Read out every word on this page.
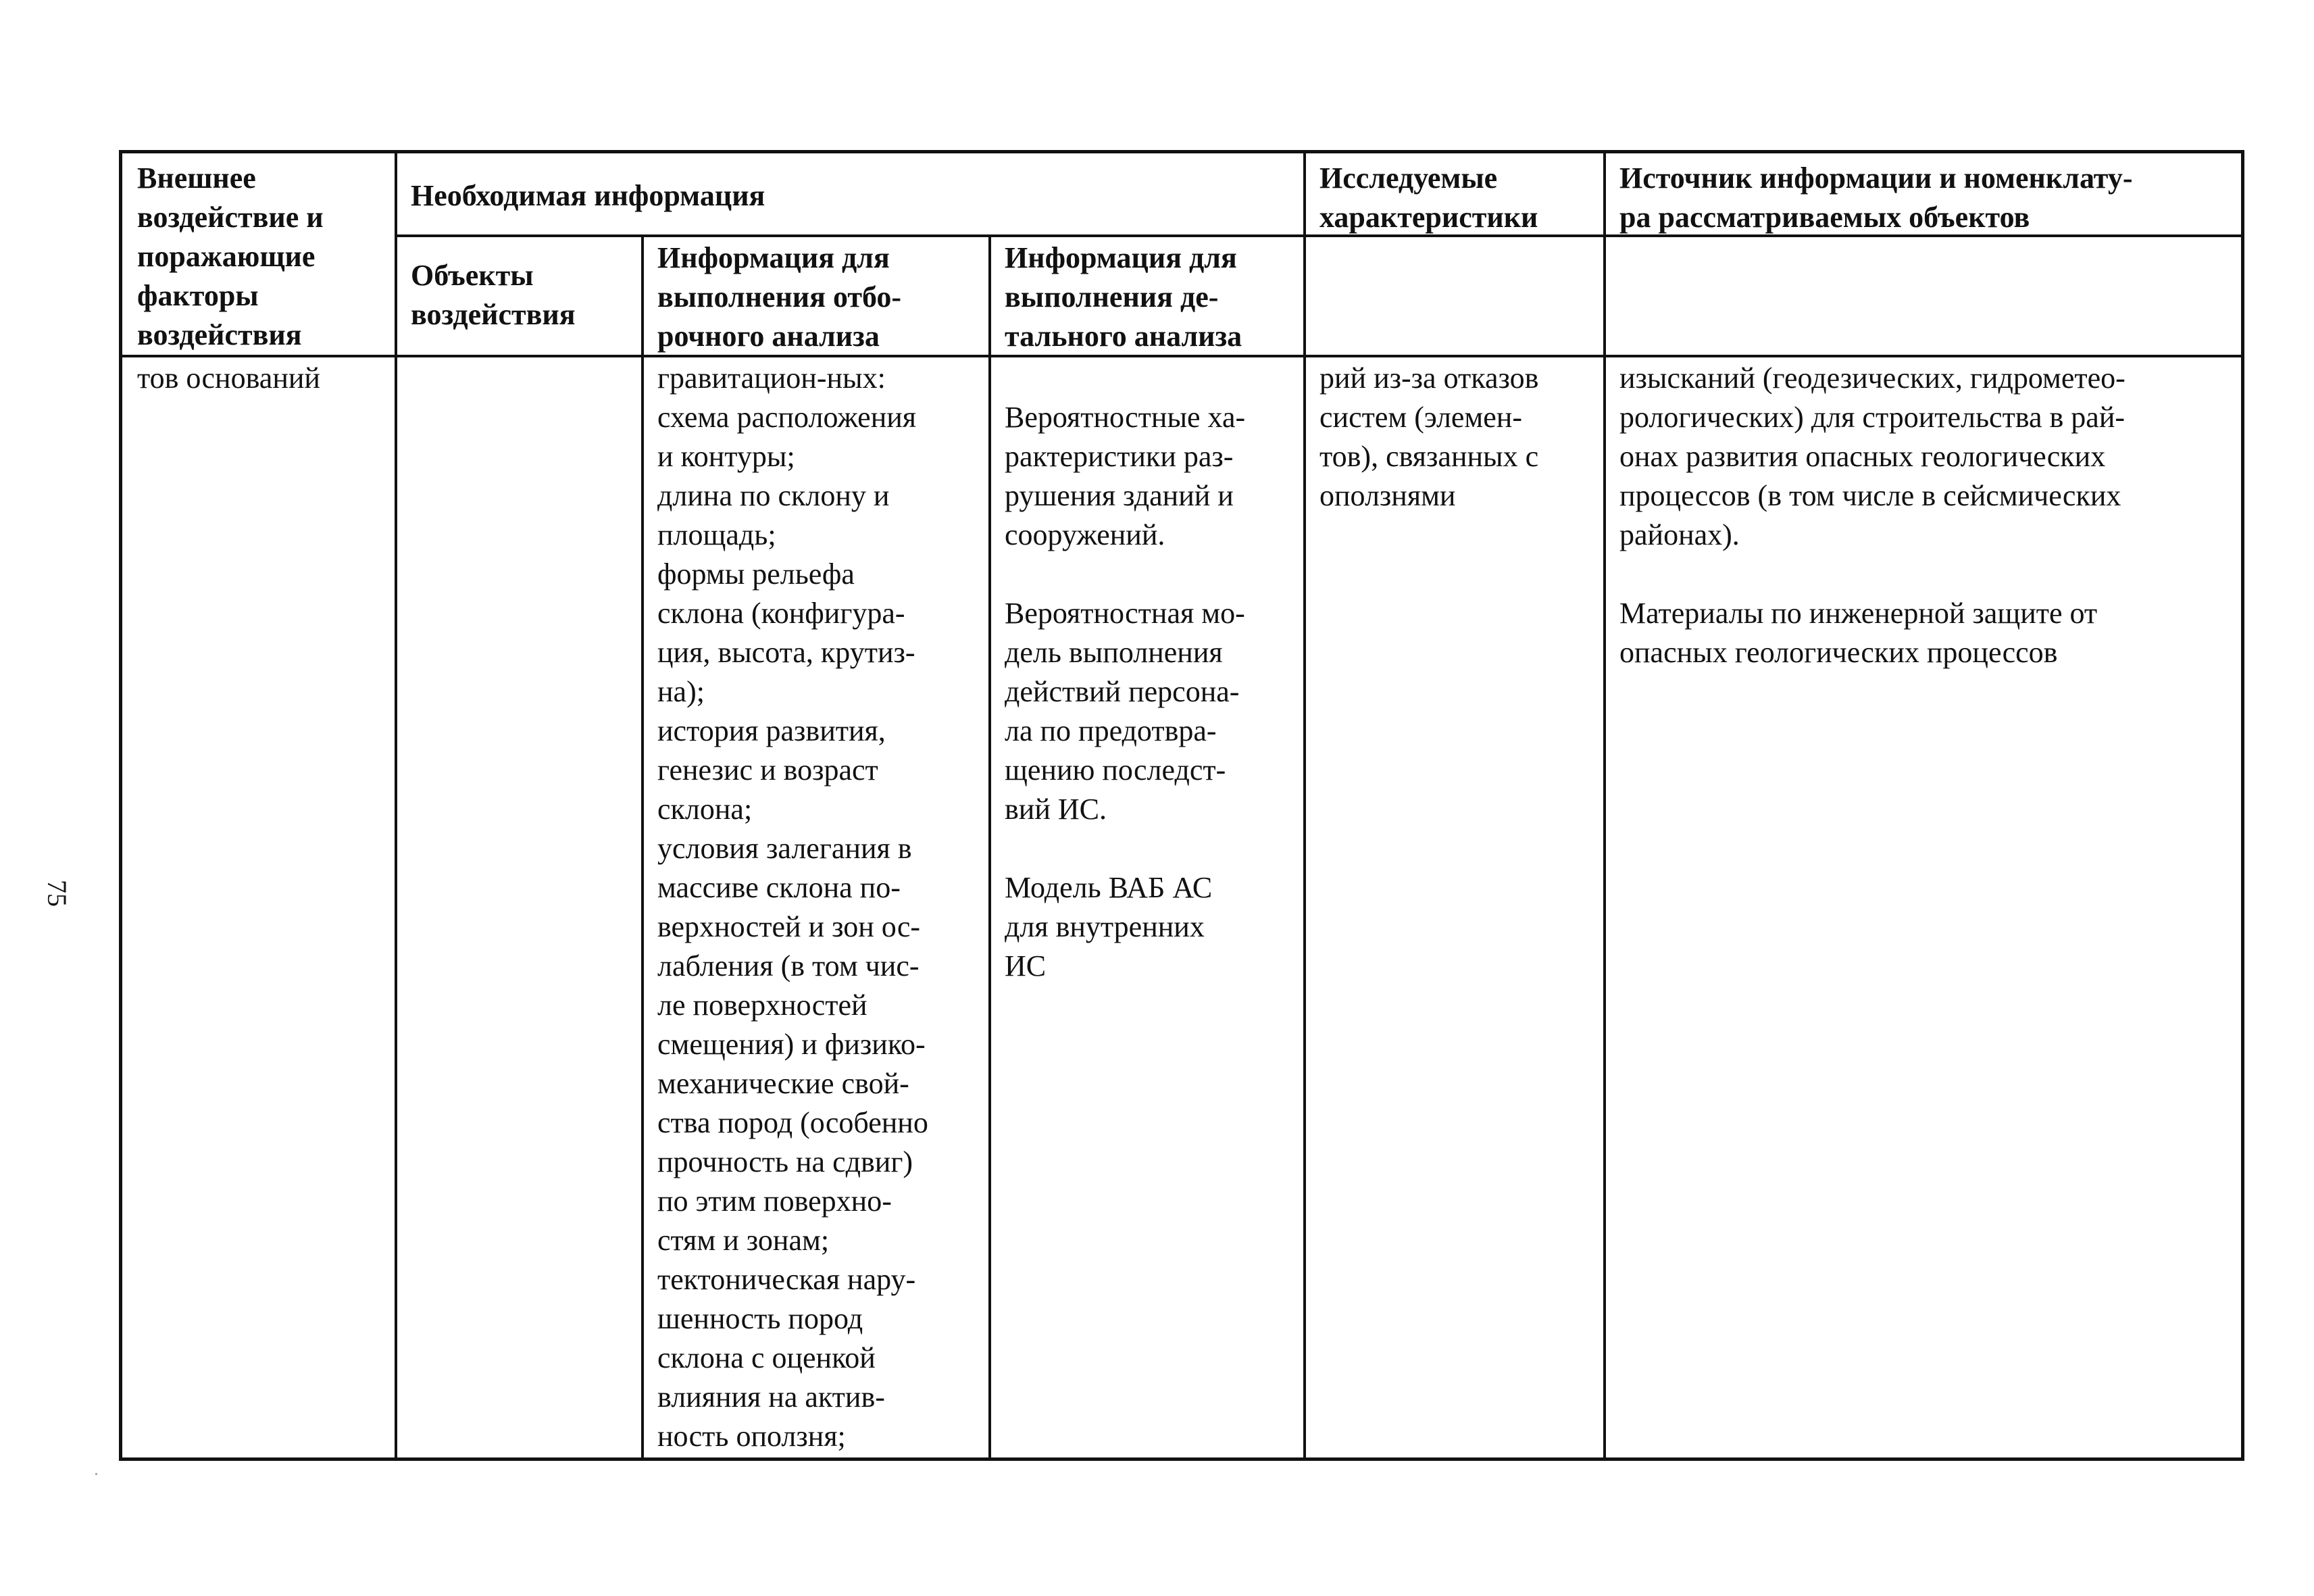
75
Внешнее
воздействие и
поражающие
факторы
воздействия
Необходимая информация
Объекты
воздействия
Информация для
выполнения отбо-
рочного анализа
Информация для
выполнения де-
тального анализа
Исследуемые
характеристики
Источник информации и номенклату-
ра рассматриваемых объектов
тов оснований	гравитацион-ных:
схема расположения
и контуры;
длина по склону и
площадь;
формы рельефа
склона (конфигура-
ция, высота, крутиз-
на);
история развития,
генезис и возраст
склона;
условия залегания в
массиве склона по-
верхностей и зон ос-
лабления (в том чис-
ле поверхностей
смещения) и физико-
механические свой-
ства пород (особенно
прочность на сдвиг)
по этим поверхно-
стям и зонам;
тектоническая нару-
шенность пород
склона с оценкой
влияния на актив-
ность оползня;
Вероятностные ха-
рактеристики раз-
рушения зданий и
сооружений.

Вероятностная мо-
дель выполнения
действий персона-
ла по предотвра-
щению последст-
вий ИС.

Модель ВАБ АС
для внутренних
ИС
рий из-за отказов
систем (элемен-
тов), связанных с
оползнями
изысканий (геодезических, гидрометео-
рологических) для строительства в рай-
онах развития опасных геологических
процессов (в том числе в сейсмических
районах).

Материалы по инженерной защите от
опасных геологических процессов
